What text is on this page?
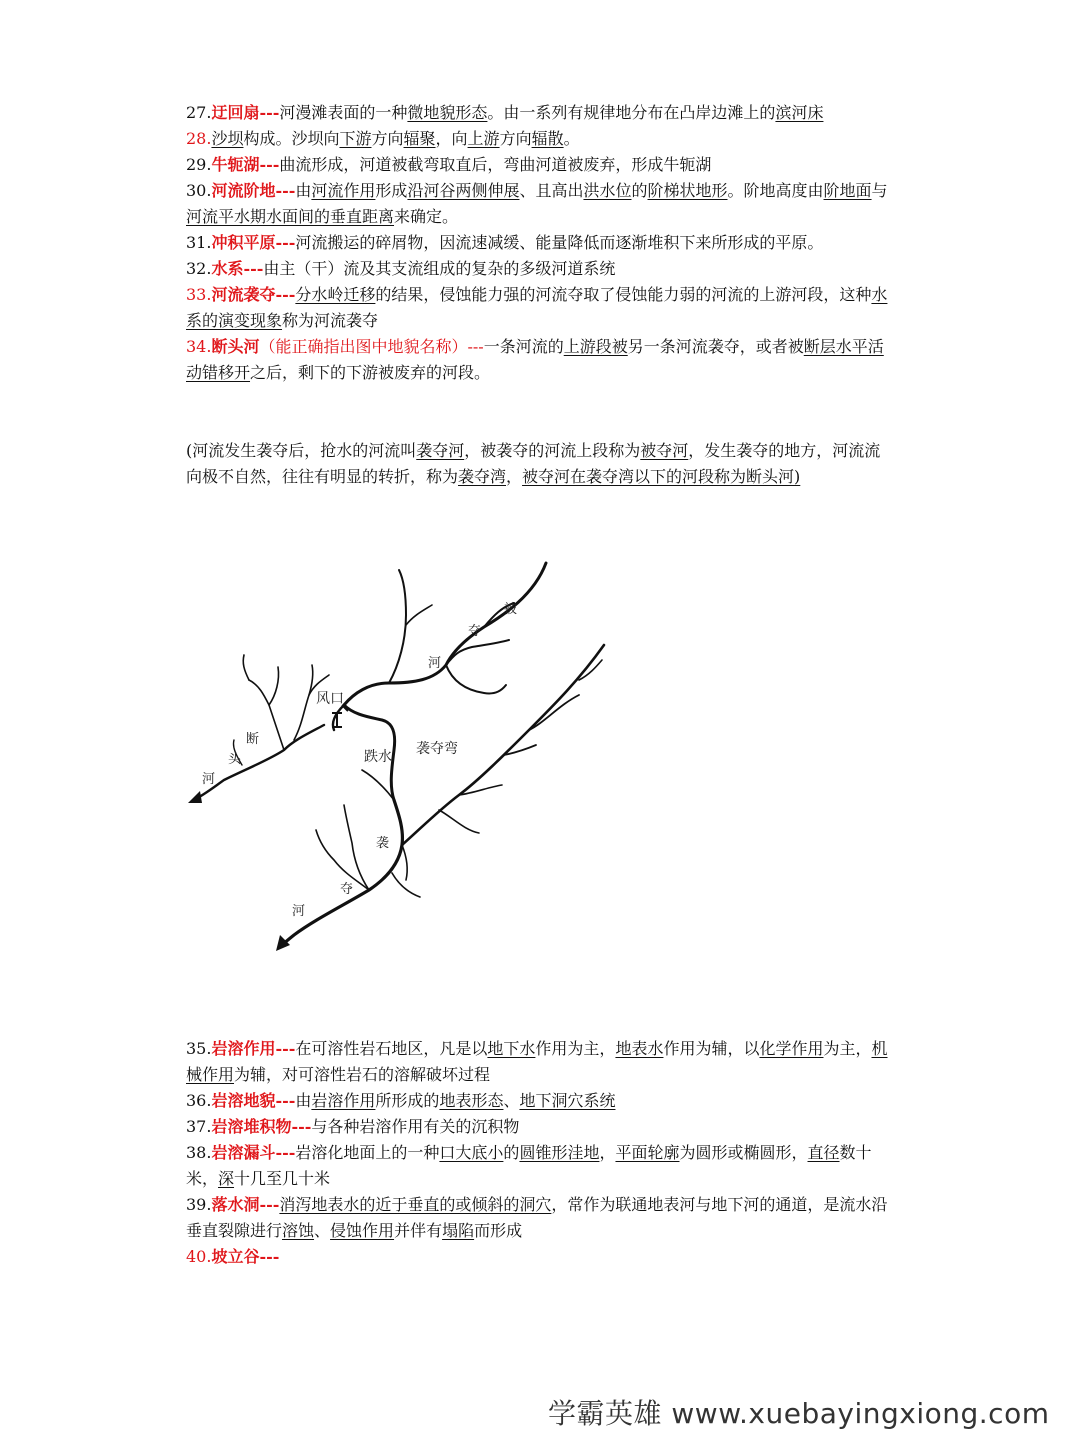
27.迂回扇---河漫滩表面的一种微地貌形态。由一系列有规律地分布在凸岸边滩上的滨河床

28.沙坝构成。沙坝向下游方向辐聚，向上游方向辐散。

29.牛轭湖---曲流形成，河道被截弯取直后，弯曲河道被废弃，形成牛轭湖

30.河流阶地---由河流作用形成沿河谷两侧伸展、且高出洪水位的阶梯状地形。阶地高度由阶地面与河流平水期水面间的垂直距离来确定。

31.冲积平原---河流搬运的碎屑物，因流速减缓、能量降低而逐渐堆积下来所形成的平原。

32.水系---由主（干）流及其支流组成的复杂的多级河道系统

33.河流袭夺---分水岭迁移的结果，侵蚀能力强的河流夺取了侵蚀能力弱的河流的上游河段，这种水系的演变现象称为河流袭夺

34.断头河（能正确指出图中地貌名称）---一条河流的上游段被另一条河流袭夺，或者被断层水平活动错移开之后，剩下的下游被废弃的河段。

(河流发生袭夺后，抢水的河流叫袭夺河，被袭夺的河流上段称为被夺河，发生袭夺的地方，河流流向极不自然，往往有明显的转折，称为袭夺湾，被夺河在袭夺湾以下的河段称为断头河)

被
夺
河
风口
断
头
河
跌水 袭夺弯
袭
夺
河

35.岩溶作用---在可溶性岩石地区，凡是以地下水作用为主，地表水作用为辅，以化学作用为主，机械作用为辅，对可溶性岩石的溶解破坏过程

36.岩溶地貌---由岩溶作用所形成的地表形态、地下洞穴系统

37.岩溶堆积物---与各种岩溶作用有关的沉积物

38.岩溶漏斗---岩溶化地面上的一种口大底小的圆锥形洼地，平面轮廓为圆形或椭圆形，直径数十米，深十几至几十米

39.落水洞---消泻地表水的近于垂直的或倾斜的洞穴，常作为联通地表河与地下河的通道，是流水沿垂直裂隙进行溶蚀、侵蚀作用并伴有塌陷而形成

40.坡立谷---

学霸英雄 www.xuebayingxiong.com
